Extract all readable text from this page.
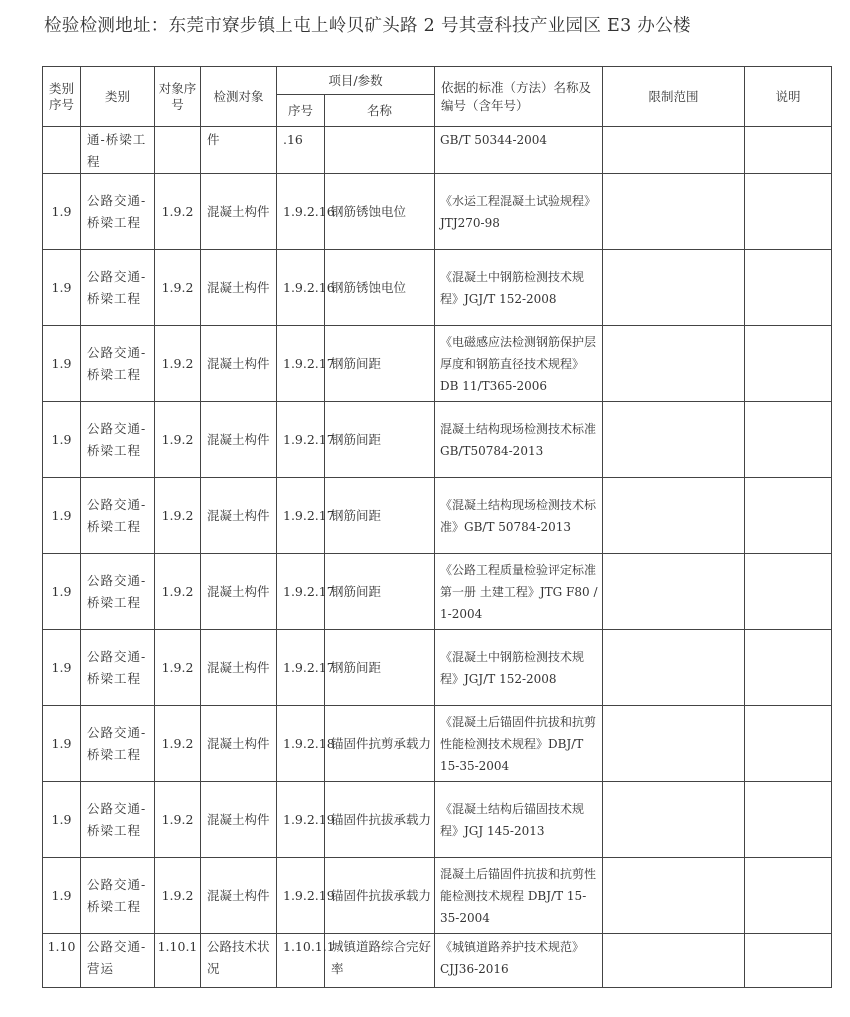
检验检测地址：东莞市寮步镇上屯上岭贝矿头路 2 号其壹科技产业园区 E3 办公楼
类别序号	类别	对象序号	检测对象	项目/参数		依据的标准（方法）名称及编号（含年号）	限制范围	说明
				序号	名称			
	通-桥梁工程		件	.16		GB/T 50344-2004		
1.9	公路交通-桥梁工程	1.9.2	混凝土构件	1.9.2.16	钢筋锈蚀电位	《水运工程混凝土试验规程》JTJ270-98		
1.9	公路交通-桥梁工程	1.9.2	混凝土构件	1.9.2.16	钢筋锈蚀电位	《混凝土中钢筋检测技术规程》JGJ/T 152-2008		
1.9	公路交通-桥梁工程	1.9.2	混凝土构件	1.9.2.17	钢筋间距	《电磁感应法检测钢筋保护层厚度和钢筋直径技术规程》DB 11/T365-2006		
1.9	公路交通-桥梁工程	1.9.2	混凝土构件	1.9.2.17	钢筋间距	混凝土结构现场检测技术标准 GB/T50784-2013		
1.9	公路交通-桥梁工程	1.9.2	混凝土构件	1.9.2.17	钢筋间距	《混凝土结构现场检测技术标准》GB/T 50784-2013		
1.9	公路交通-桥梁工程	1.9.2	混凝土构件	1.9.2.17	钢筋间距	《公路工程质量检验评定标准第一册 土建工程》JTG F80 / 1-2004		
1.9	公路交通-桥梁工程	1.9.2	混凝土构件	1.9.2.17	钢筋间距	《混凝土中钢筋检测技术规程》JGJ/T 152-2008		
1.9	公路交通-桥梁工程	1.9.2	混凝土构件	1.9.2.18	锚固件抗剪承载力	《混凝土后锚固件抗拔和抗剪性能检测技术规程》DBJ/T 15-35-2004		
1.9	公路交通-桥梁工程	1.9.2	混凝土构件	1.9.2.19	锚固件抗拔承载力	《混凝土结构后锚固技术规程》JGJ 145-2013		
1.9	公路交通-桥梁工程	1.9.2	混凝土构件	1.9.2.19	锚固件抗拔承载力	混凝土后锚固件抗拔和抗剪性能检测技术规程 DBJ/T 15-35-2004		
1.10	公路交通-营运	1.10.1	公路技术状况	1.10.1.1	城镇道路综合完好率	《城镇道路养护技术规范》CJJ36-2016		
